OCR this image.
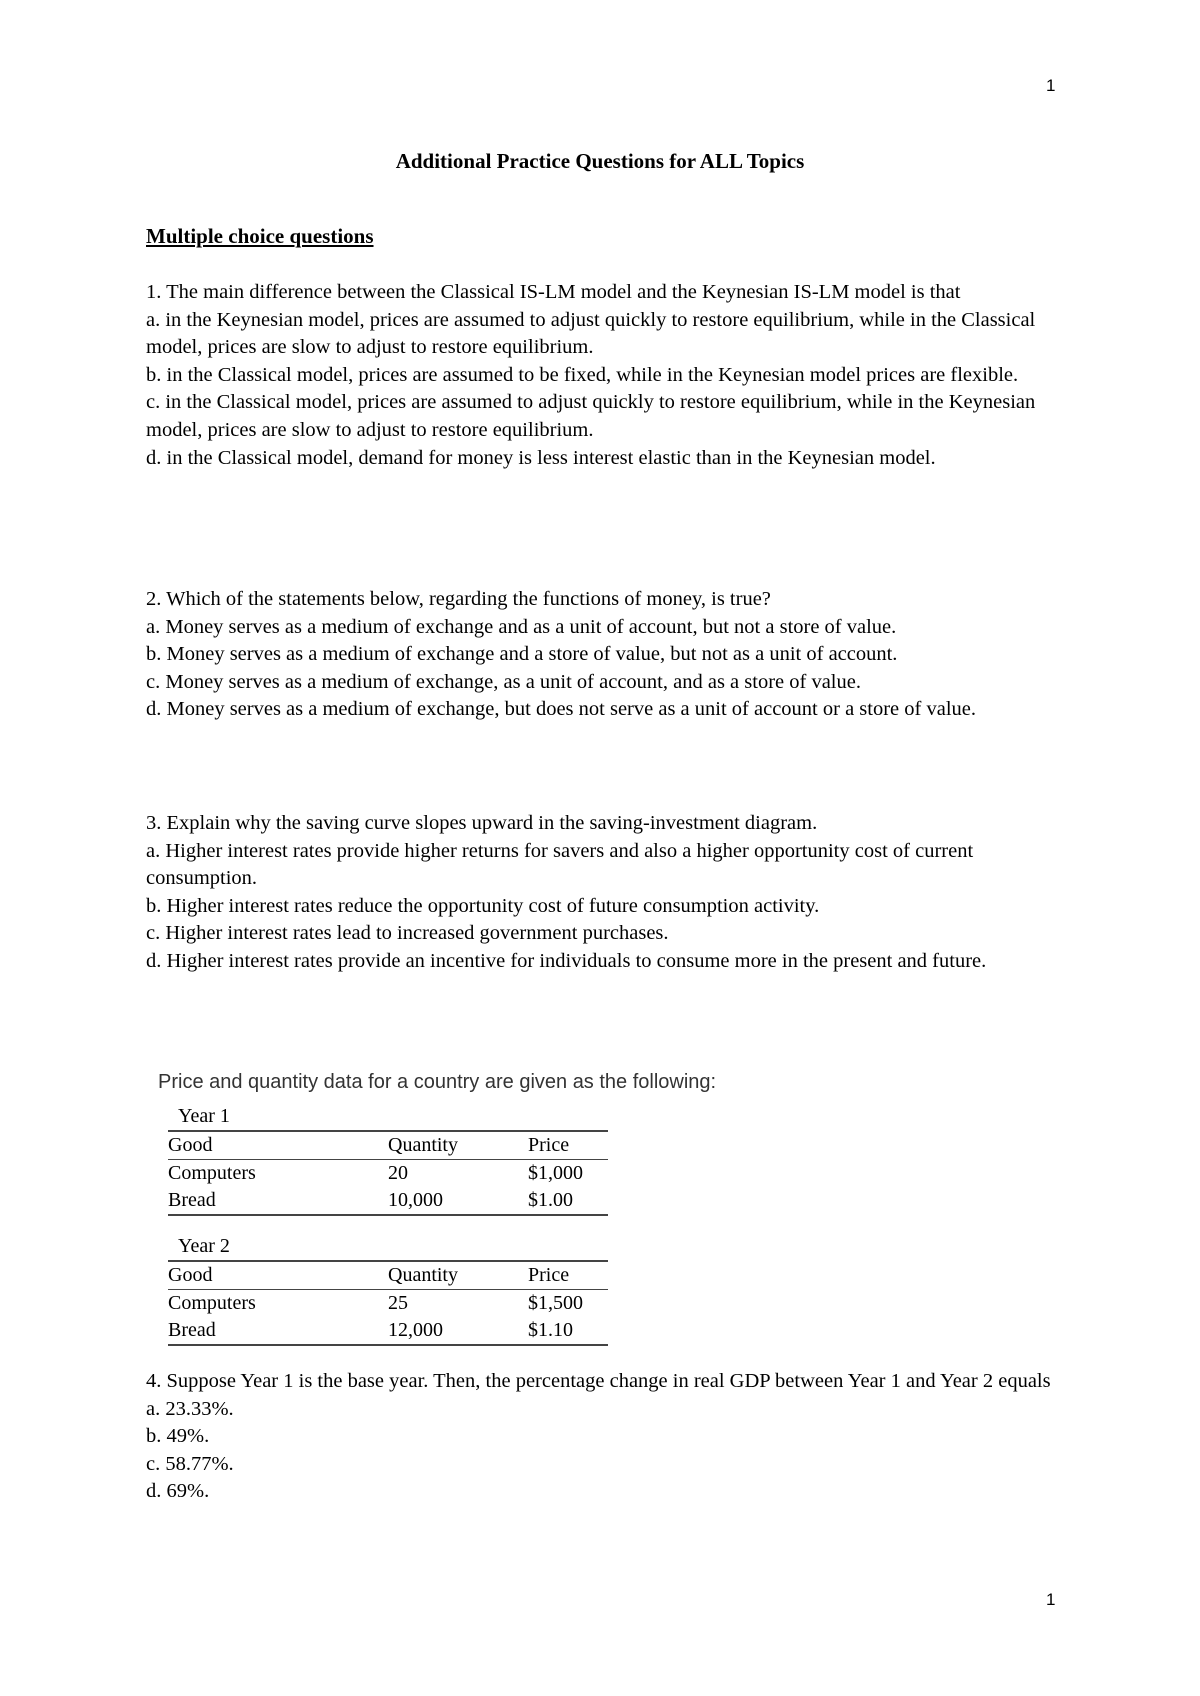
1
Additional Practice Questions for ALL Topics
Multiple choice questions

1. The main difference between the Classical IS-LM model and the Keynesian IS-LM model is that

a. in the Keynesian model, prices are assumed to adjust quickly to restore equilibrium, while in the Classical model, prices are slow to adjust to restore equilibrium.

b. in the Classical model, prices are assumed to be fixed, while in the Keynesian model prices are flexible.

c. in the Classical model, prices are assumed to adjust quickly to restore equilibrium, while in the Keynesian model, prices are slow to adjust to restore equilibrium.

d. in the Classical model, demand for money is less interest elastic than in the Keynesian model.

2. Which of the statements below, regarding the functions of money, is true?

a. Money serves as a medium of exchange and as a unit of account, but not a store of value.

b. Money serves as a medium of exchange and a store of value, but not as a unit of account.

c. Money serves as a medium of exchange, as a unit of account, and as a store of value.

d. Money serves as a medium of exchange, but does not serve as a unit of account or a store of value.

3. Explain why the saving curve slopes upward in the saving-investment diagram.

a. Higher interest rates provide higher returns for savers and also a higher opportunity cost of current consumption.

b. Higher interest rates reduce the opportunity cost of future consumption activity.

c. Higher interest rates lead to increased government purchases.

d. Higher interest rates provide an incentive for individuals to consume more in the present and future.

Price and quantity data for a country are given as the following:

Year 1
Good	Quantity	Price
Computers	20	$1,000
Bread	10,000	$1.00
Year 2
Good	Quantity	Price
Computers	25	$1,500
Bread	12,000	$1.10

4. Suppose Year 1 is the base year. Then, the percentage change in real GDP between Year 1 and Year 2 equals

a. 23.33%.

b. 49%.

c. 58.77%.

d. 69%.

1
